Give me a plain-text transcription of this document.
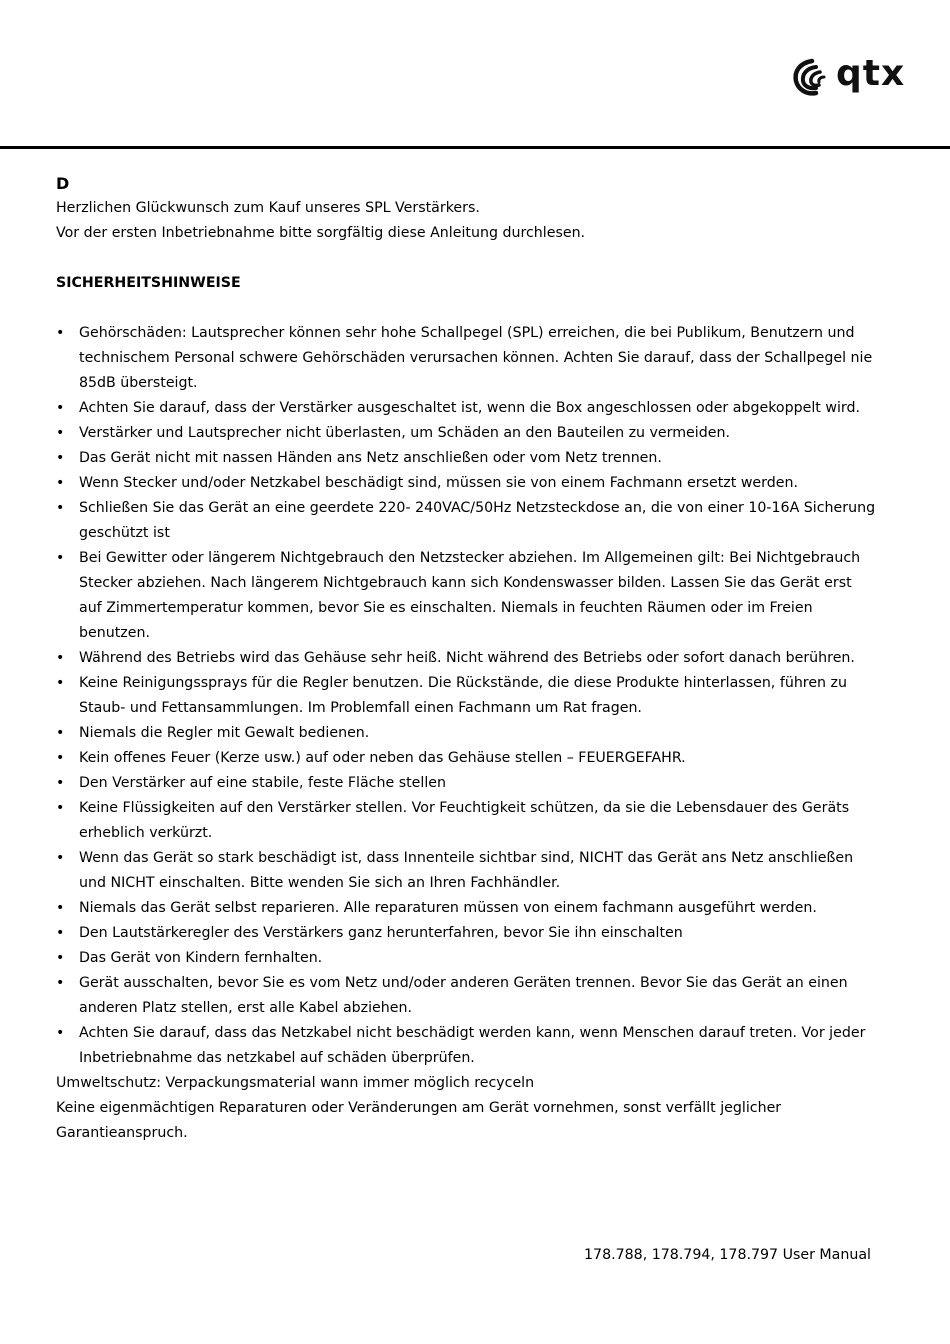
qtx

D

Herzlichen Glückwunsch zum Kauf unseres SPL Verstärkers.

Vor der ersten Inbetriebnahme bitte sorgfältig diese Anleitung durchlesen.

SICHERHEITSHINWEISE

• Gehörschäden: Lautsprecher können sehr hohe Schallpegel (SPL) erreichen, die bei Publikum, Benutzern und technischem Personal schwere Gehörschäden verursachen können. Achten Sie darauf, dass der Schallpegel nie 85dB übersteigt.
• Achten Sie darauf, dass der Verstärker ausgeschaltet ist, wenn die Box angeschlossen oder abgekoppelt wird.
• Verstärker und Lautsprecher nicht überlasten, um Schäden an den Bauteilen zu vermeiden.
• Das Gerät nicht mit nassen Händen ans Netz anschließen oder vom Netz trennen.
• Wenn Stecker und/oder Netzkabel beschädigt sind, müssen sie von einem Fachmann ersetzt werden.
• Schließen Sie das Gerät an eine geerdete 220- 240VAC/50Hz Netzsteckdose an, die von einer 10-16A Sicherung geschützt ist
• Bei Gewitter oder längerem Nichtgebrauch den Netzstecker abziehen. Im Allgemeinen gilt: Bei Nichtgebrauch Stecker abziehen. Nach längerem Nichtgebrauch kann sich Kondenswasser bilden. Lassen Sie das Gerät erst auf Zimmertemperatur kommen, bevor Sie es einschalten. Niemals in feuchten Räumen oder im Freien benutzen.
• Während des Betriebs wird das Gehäuse sehr heiß. Nicht während des Betriebs oder sofort danach berühren.
• Keine Reinigungssprays für die Regler benutzen. Die Rückstände, die diese Produkte hinterlassen, führen zu Staub- und Fettansammlungen. Im Problemfall einen Fachmann um Rat fragen.
• Niemals die Regler mit Gewalt bedienen.
• Kein offenes Feuer (Kerze usw.) auf oder neben das Gehäuse stellen – FEUERGEFAHR.
• Den Verstärker auf eine stabile, feste Fläche stellen
• Keine Flüssigkeiten auf den Verstärker stellen. Vor Feuchtigkeit schützen, da sie die Lebensdauer des Geräts erheblich verkürzt.
• Wenn das Gerät so stark beschädigt ist, dass Innenteile sichtbar sind, NICHT das Gerät ans Netz anschließen und NICHT einschalten. Bitte wenden Sie sich an Ihren Fachhändler.
• Niemals das Gerät selbst reparieren. Alle reparaturen müssen von einem fachmann ausgeführt werden.
• Den Lautstärkeregler des Verstärkers ganz herunterfahren, bevor Sie ihn einschalten
• Das Gerät von Kindern fernhalten.
• Gerät ausschalten, bevor Sie es vom Netz und/oder anderen Geräten trennen. Bevor Sie das Gerät an einen anderen Platz stellen, erst alle Kabel abziehen.
• Achten Sie darauf, dass das Netzkabel nicht beschädigt werden kann, wenn Menschen darauf treten. Vor jeder Inbetriebnahme das netzkabel auf schäden überprüfen.

Umweltschutz: Verpackungsmaterial wann immer möglich recyceln

Keine eigenmächtigen Reparaturen oder Veränderungen am Gerät vornehmen, sonst verfällt jeglicher Garantieanspruch.

178.788, 178.794, 178.797 User Manual
